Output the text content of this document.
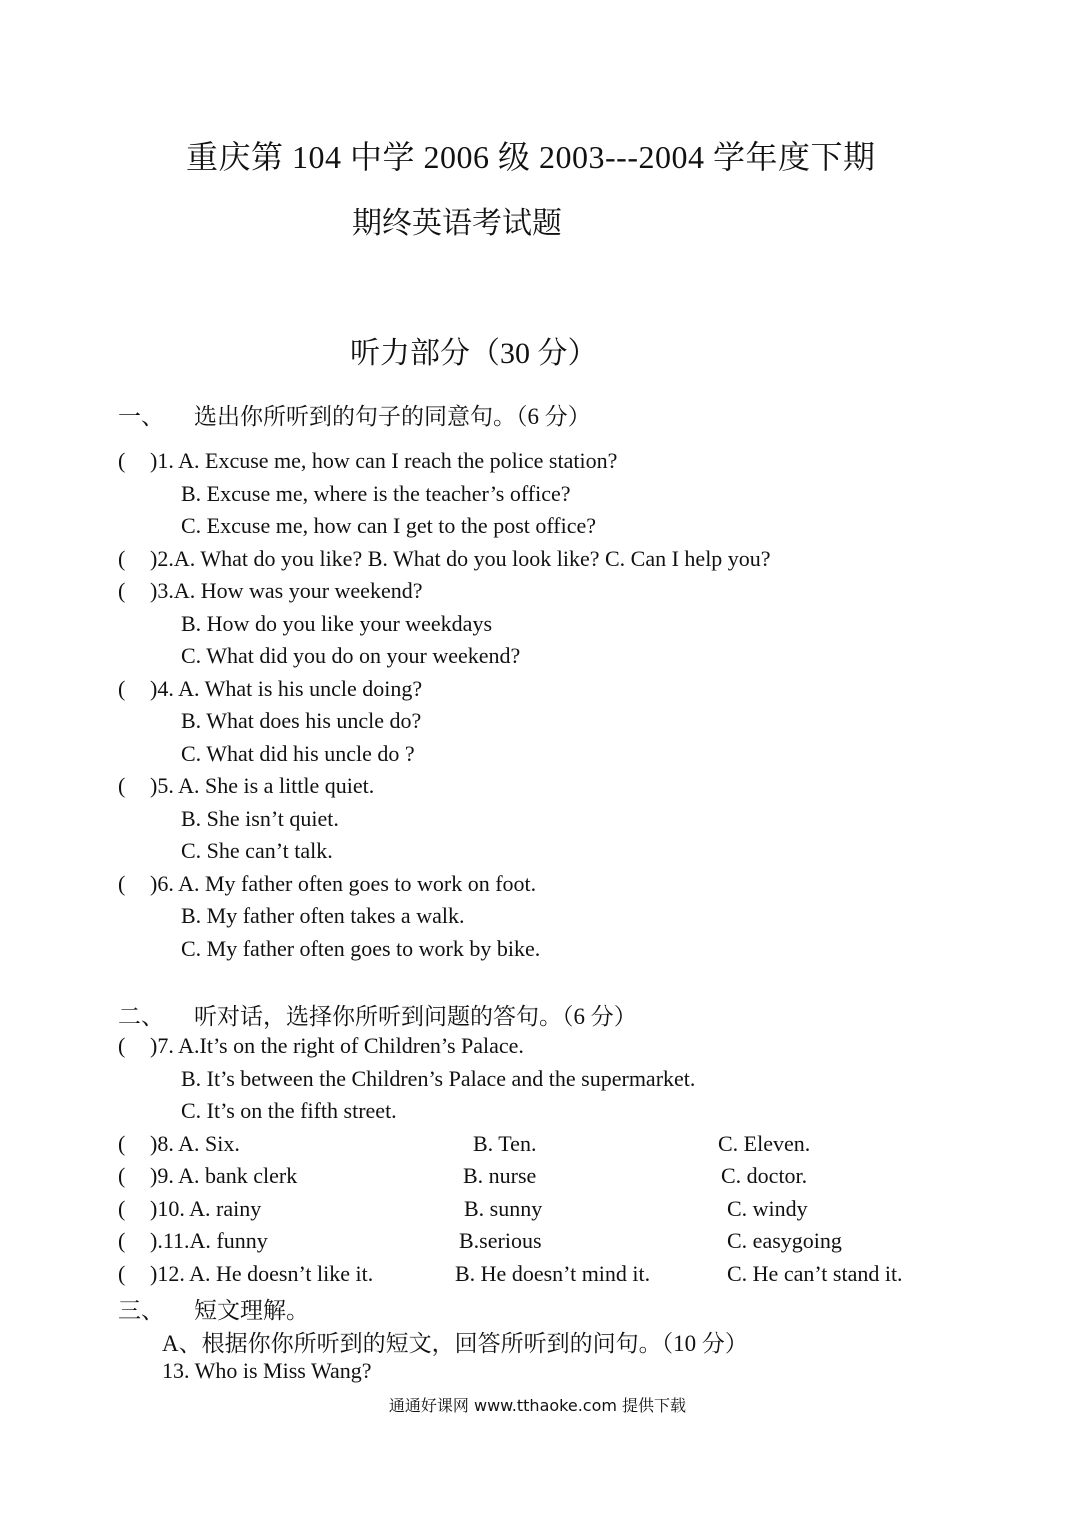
重庆第 104 中学 2006 级 2003---2004 学年度下期
期终英语考试题
听力部分（30 分）
一、 选出你所听到的句子的同意句。（6 分）
( )1. A. Excuse me, how can I reach the police station?
B. Excuse me, where is the teacher’s office?
C. Excuse me, how can I get to the post office?
( )2.A. What do you like? B. What do you look like? C. Can I help you?
( )3.A. How was your weekend?
B. How do you like your weekdays
C. What did you do on your weekend?
( )4. A. What is his uncle doing?
B. What does his uncle do?
C. What did his uncle do ?
( )5. A. She is a little quiet.
B. She isn’t quiet.
C. She can’t talk.
( )6. A. My father often goes to work on foot.
B. My father often takes a walk.
C. My father often goes to work by bike.
二、 听对话，选择你所听到问题的答句。（6 分）
( )7. A.It’s on the right of Children’s Palace.
B. It’s between the Children’s Palace and the supermarket.
C. It’s on the fifth street.
( )8. A. Six.	B. Ten.	C. Eleven.
( )9. A. bank clerk	B. nurse	C. doctor.
( )10. A. rainy	B. sunny	C. windy
( ).11.A. funny	B.serious	C. easygoing
( )12. A. He doesn’t like it.	B. He doesn’t mind it.	C. He can’t stand it.
三、 短文理解。
A、根据你你所听到的短文，回答所听到的问句。（10 分）
13. Who is Miss Wang?
通通好课网 www.tthaoke.com 提供下载
